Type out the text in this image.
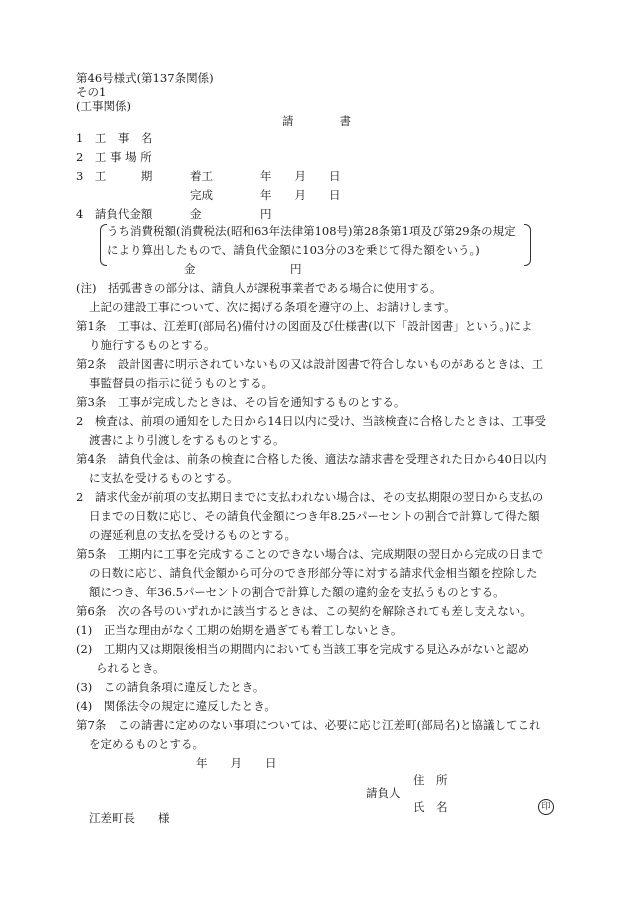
第46号様式(第137条関係)
その1
(工事関係)
請　　　　書
1　工　事　名
2　工 事 場 所
3　工　　　期	着工	年　　月　　日
完成	年　　月　　日
4　請負代金額	金	円
うち消費税額(消費税法(昭和63年法律第108号)第28条第1項及び第29条の規定
により算出したもので、請負代金額に103分の3を乗じて得た額をいう。)
金	円
(注)　括弧書きの部分は、請負人が課税事業者である場合に使用する。
上記の建設工事について、次に掲げる条項を遵守の上、お請けします。
第1条　工事は、江差町(部局名)備付けの図面及び仕様書(以下「設計図書」という。)によ
り施行するものとする。
第2条　設計図書に明示されていないもの又は設計図書で符合しないものがあるときは、工
事監督員の指示に従うものとする。
第3条　工事が完成したときは、その旨を通知するものとする。
2　検査は、前項の通知をした日から14日以内に受け、当該検査に合格したときは、工事受
渡書により引渡しをするものとする。
第4条　請負代金は、前条の検査に合格した後、適法な請求書を受理された日から40日以内
に支払を受けるものとする。
2　請求代金が前項の支払期日までに支払われない場合は、その支払期限の翌日から支払の
日までの日数に応じ、その請負代金額につき年8.25パーセントの割合で計算して得た額
の遅延利息の支払を受けるものとする。
第5条　工期内に工事を完成することのできない場合は、完成期限の翌日から完成の日まで
の日数に応じ、請負代金額から可分のでき形部分等に対する請求代金相当額を控除した
額につき、年36.5パーセントの割合で計算した額の違約金を支払うものとする。
第6条　次の各号のいずれかに該当するときは、この契約を解除されても差し支えない。
(1)　正当な理由がなく工期の始期を過ぎても着工しないとき。
(2)　工期内又は期限後相当の期間内においても当該工事を完成する見込みがないと認め
られるとき。
(3)　この請負条項に違反したとき。
(4)　関係法令の規定に違反したとき。
第7条　この請書に定めのない事項については、必要に応じ江差町(部局名)と協議してこれ
を定めるものとする。
年　　月　　日
住　所
請負人
氏　名	印
江差町長　　様
